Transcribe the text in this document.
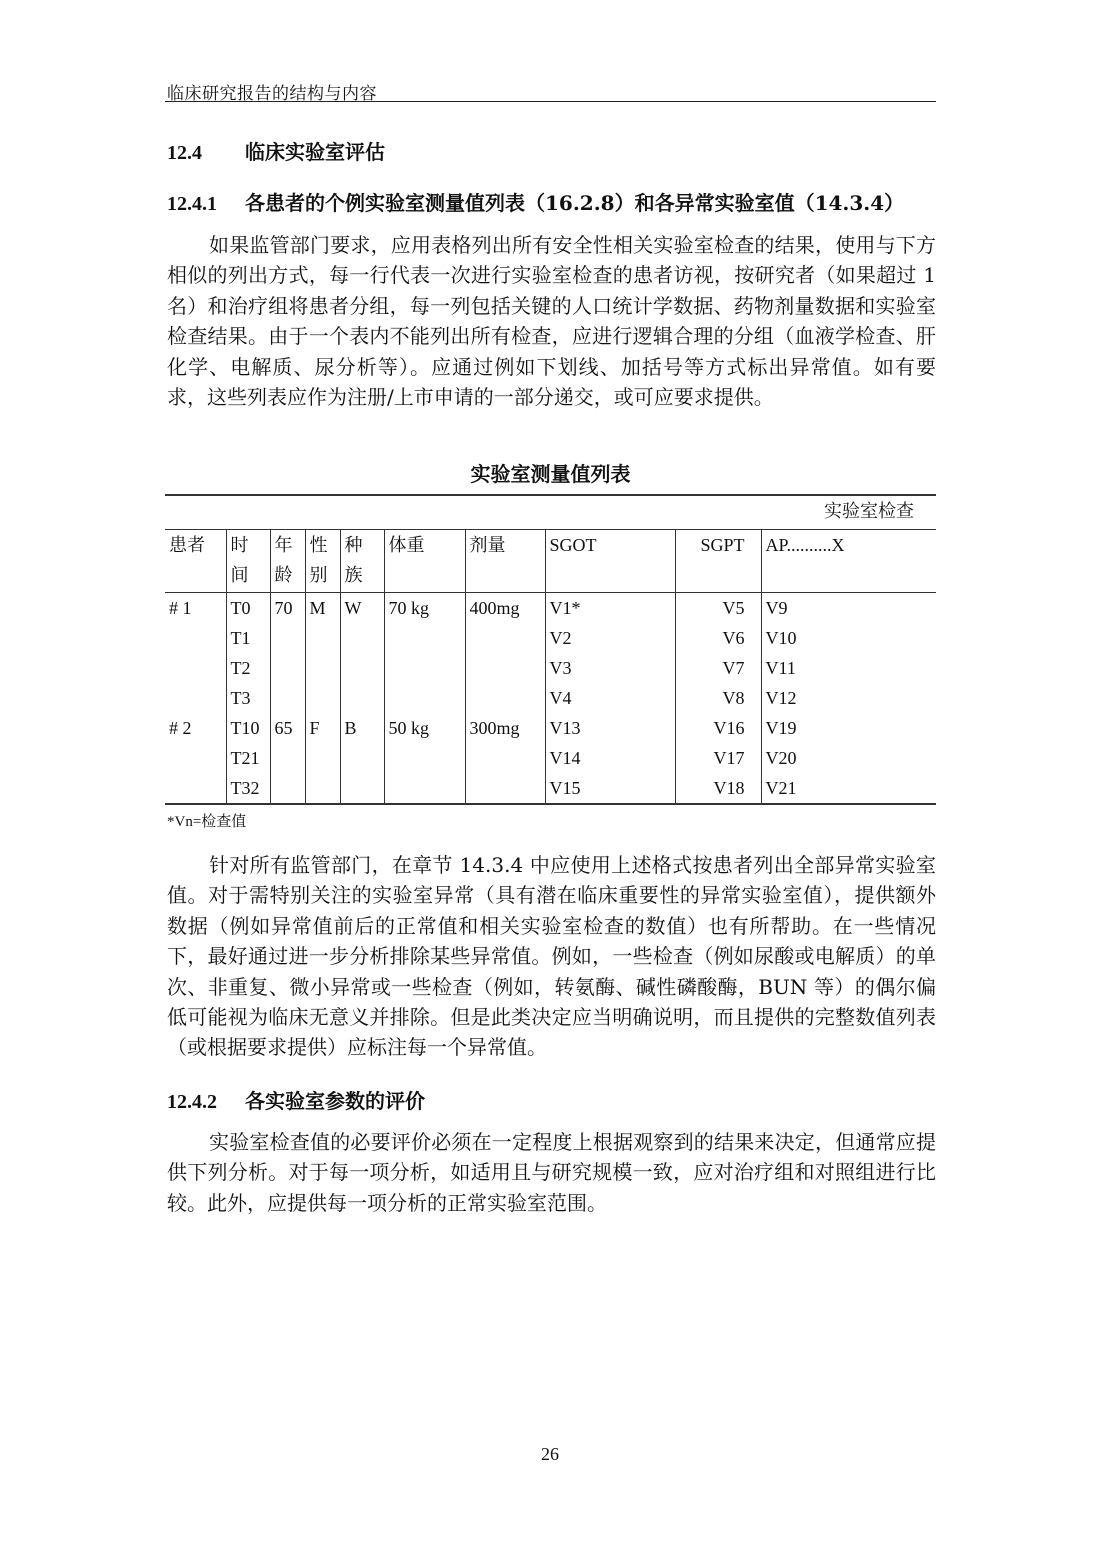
临床研究报告的结构与内容
12.4 临床实验室评估
12.4.1 各患者的个例实验室测量值列表（16.2.8）和各异常实验室值（14.3.4）
如果监管部门要求，应用表格列出所有安全性相关实验室检查的结果，使用与下方相似的列出方式，每一行代表一次进行实验室检查的患者访视，按研究者（如果超过 1 名）和治疗组将患者分组，每一列包括关键的人口统计学数据、药物剂量数据和实验室检查结果。由于一个表内不能列出所有检查，应进行逻辑合理的分组（血液学检查、肝化学、电解质、尿分析等）。应通过例如下划线、加括号等方式标出异常值。如有要求，这些列表应作为注册/上市申请的一部分递交，或可应要求提供。
实验室测量值列表
实验室检查									
患者	时间	年龄	性别	种族	体重	剂量	SGOT	SGPT	AP..........X
# 1	T0	70	M	W	70 kg	400mg	V1*	V5	V9
	T1						V2	V6	V10
	T2						V3	V7	V11
	T3						V4	V8	V12
# 2	T10	65	F	B	50 kg	300mg	V13	V16	V19
	T21						V14	V17	V20
	T32						V15	V18	V21
*Vn=检查值
针对所有监管部门，在章节 14.3.4 中应使用上述格式按患者列出全部异常实验室值。对于需特别关注的实验室异常（具有潜在临床重要性的异常实验室值），提供额外数据（例如异常值前后的正常值和相关实验室检查的数值）也有所帮助。在一些情况下，最好通过进一步分析排除某些异常值。例如，一些检查（例如尿酸或电解质）的单次、非重复、微小异常或一些检查（例如，转氨酶、碱性磷酸酶，BUN 等）的偶尔偏低可能视为临床无意义并排除。但是此类决定应当明确说明，而且提供的完整数值列表（或根据要求提供）应标注每一个异常值。
12.4.2 各实验室参数的评价
实验室检查值的必要评价必须在一定程度上根据观察到的结果来决定，但通常应提供下列分析。对于每一项分析，如适用且与研究规模一致，应对治疗组和对照组进行比较。此外，应提供每一项分析的正常实验室范围。
26
